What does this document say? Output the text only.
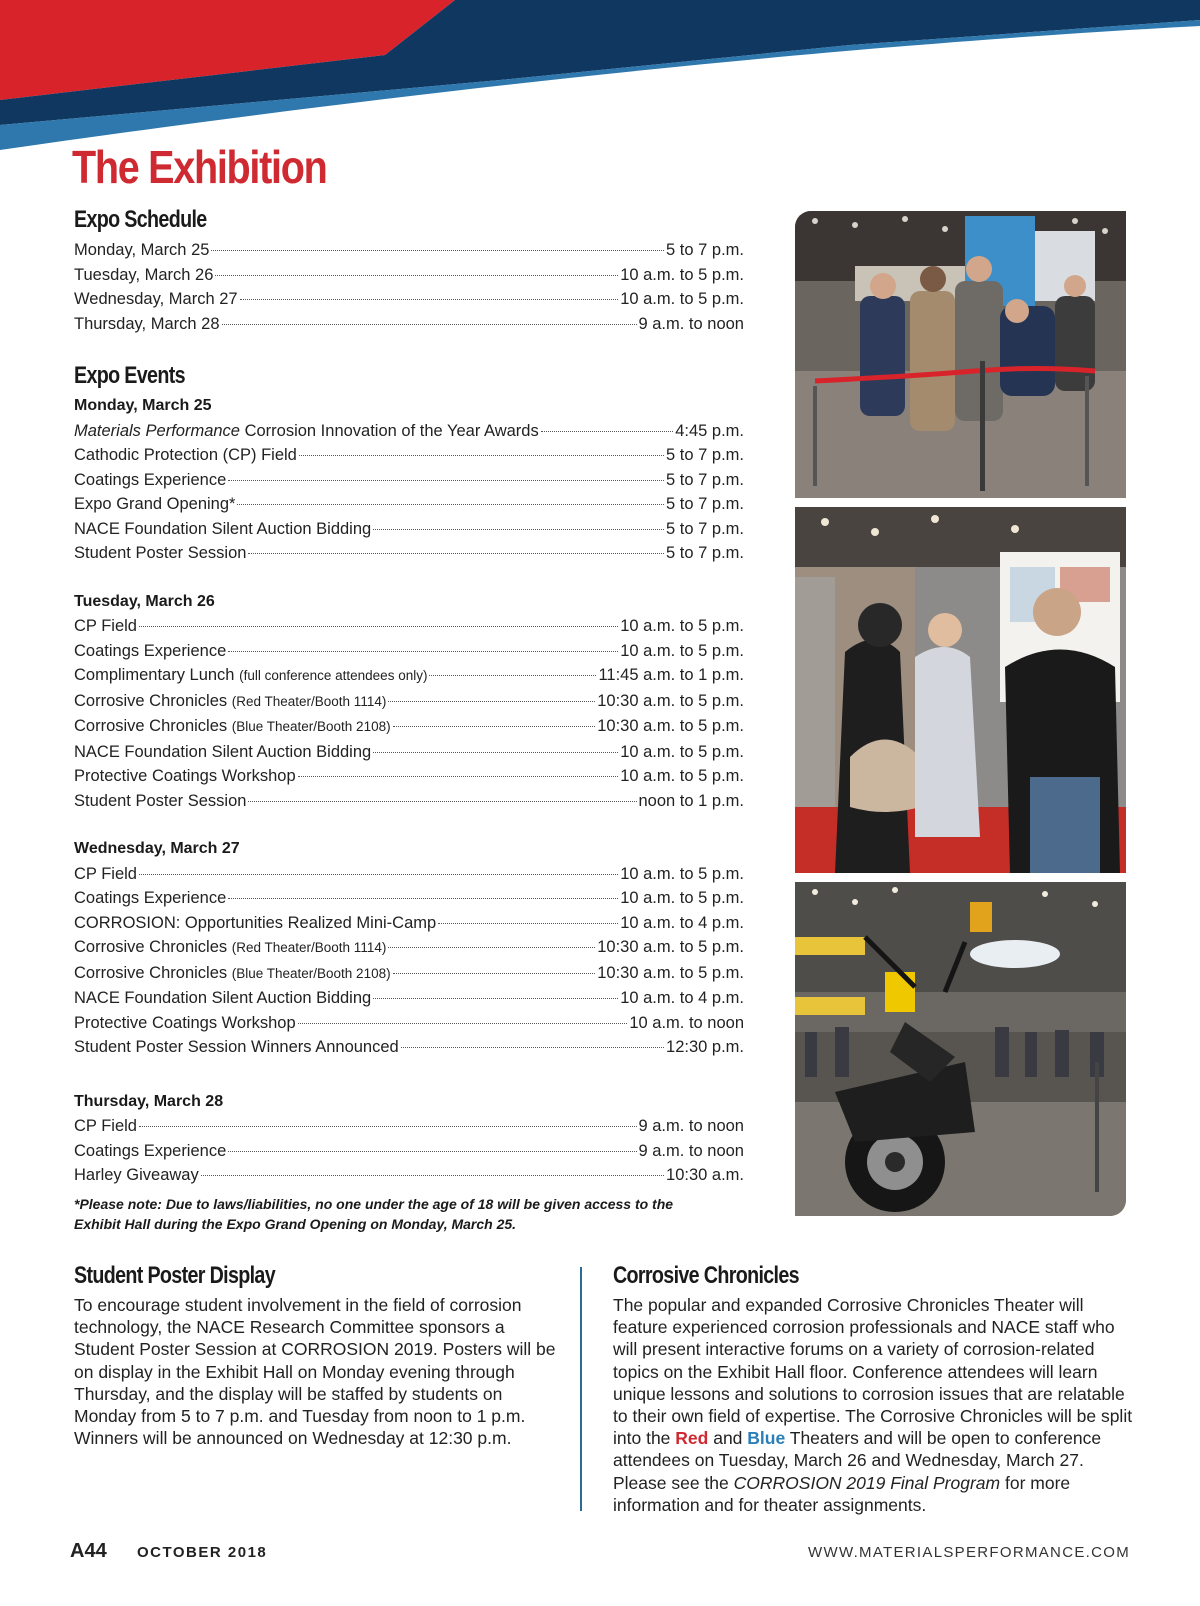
The Exhibition
Expo Schedule
Monday, March 25	5 to 7 p.m.
Tuesday, March 26	10 a.m. to 5 p.m.
Wednesday, March 27	10 a.m. to 5 p.m.
Thursday, March 28	9 a.m. to noon
Expo Events
Monday, March 25
Materials Performance Corrosion Innovation of the Year Awards	4:45 p.m.
Cathodic Protection (CP) Field	5 to 7 p.m.
Coatings Experience	5 to 7 p.m.
Expo Grand Opening*	5 to 7 p.m.
NACE Foundation Silent Auction Bidding	5 to 7 p.m.
Student Poster Session	5 to 7 p.m.
Tuesday, March 26
CP Field	10 a.m. to 5 p.m.
Coatings Experience	10 a.m. to 5 p.m.
Complimentary Lunch (full conference attendees only)	11:45 a.m. to 1 p.m.
Corrosive Chronicles (Red Theater/Booth 1114)	10:30 a.m. to 5 p.m.
Corrosive Chronicles (Blue Theater/Booth 2108)	10:30 a.m. to 5 p.m.
NACE Foundation Silent Auction Bidding	10 a.m. to 5 p.m.
Protective Coatings Workshop	10 a.m. to 5 p.m.
Student Poster Session	noon to 1 p.m.
Wednesday, March 27
CP Field	10 a.m. to 5 p.m.
Coatings Experience	10 a.m. to 5 p.m.
CORROSION: Opportunities Realized Mini-Camp	10 a.m. to 4 p.m.
Corrosive Chronicles (Red Theater/Booth 1114)	10:30 a.m. to 5 p.m.
Corrosive Chronicles (Blue Theater/Booth 2108)	10:30 a.m. to 5 p.m.
NACE Foundation Silent Auction Bidding	10 a.m. to 4 p.m.
Protective Coatings Workshop	10 a.m. to noon
Student Poster Session Winners Announced	12:30 p.m.
Thursday, March 28
CP Field	9 a.m. to noon
Coatings Experience	9 a.m. to noon
Harley Giveaway	10:30 a.m.
*Please note: Due to laws/liabilities, no one under the age of 18 will be given access to the Exhibit Hall during the Expo Grand Opening on Monday, March 25.

Student Poster Display

To encourage student involvement in the field of corrosion technology, the NACE Research Committee sponsors a Student Poster Session at CORROSION 2019. Posters will be on display in the Exhibit Hall on Monday evening through Thursday, and the display will be staffed by students on Monday from 5 to 7 p.m. and Tuesday from noon to 1 p.m. Winners will be announced on Wednesday at 12:30 p.m.

Corrosive Chronicles

The popular and expanded Corrosive Chronicles Theater will feature experienced corrosion professionals and NACE staff who will present interactive forums on a variety of corrosion-related topics on the Exhibit Hall floor. Conference attendees will learn unique lessons and solutions to corrosion issues that are relatable to their own field of expertise. The Corrosive Chronicles will be split into the Red and Blue Theaters and will be open to conference attendees on Tuesday, March 26 and Wednesday, March 27. Please see the CORROSION 2019 Final Program for more information and for theater assignments.

A44 OCTOBER 2018	WWW.MATERIALSPERFORMANCE.COM
